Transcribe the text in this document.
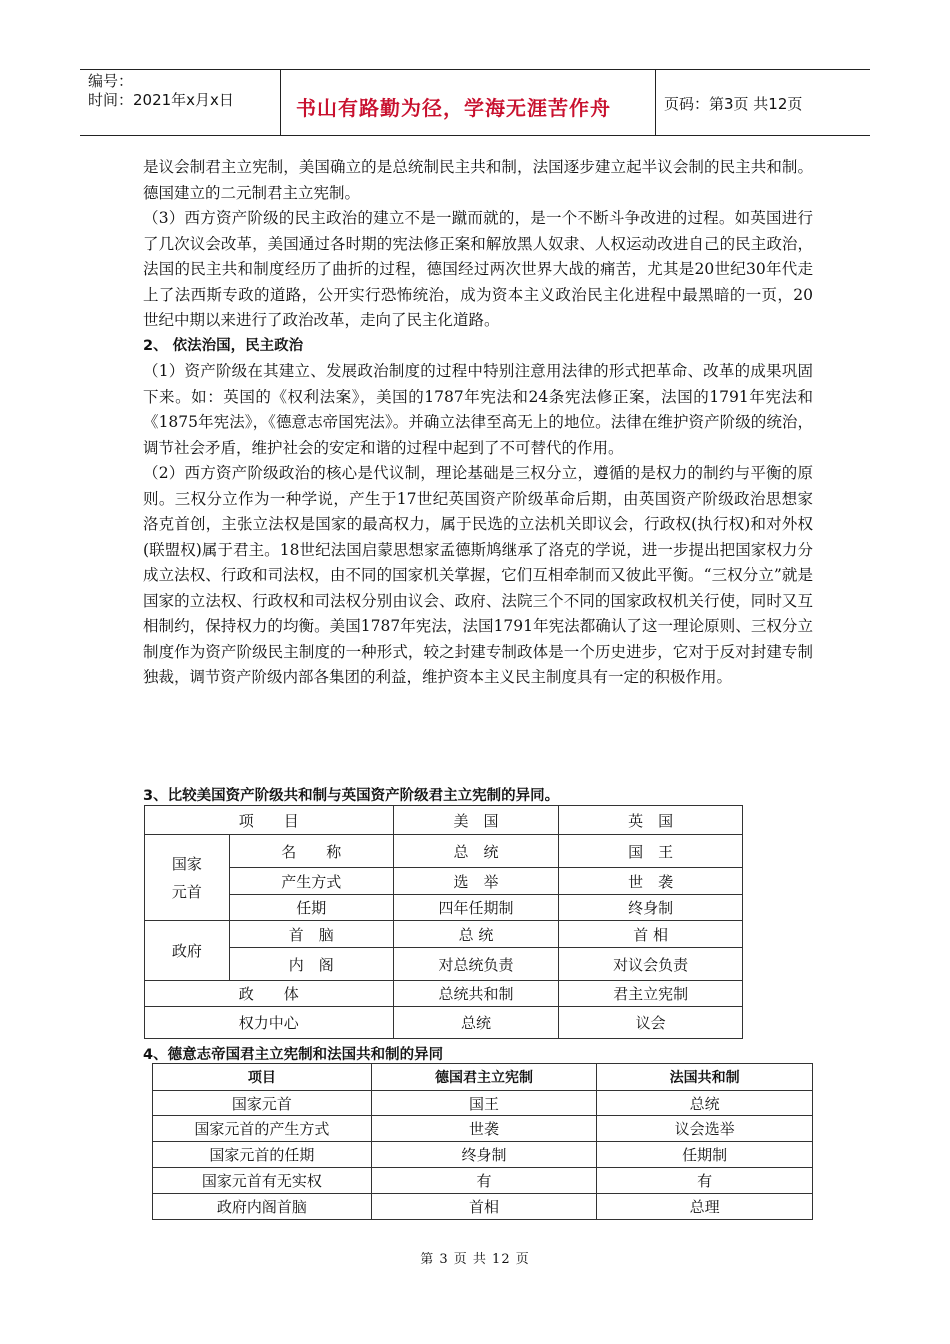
编号：
时间：2021年x月x日	书山有路勤为径，学海无涯苦作舟	页码：第3页 共12页

是议会制君主立宪制，美国确立的是总统制民主共和制，法国逐步建立起半议会制的民主共和制。德国建立的二元制君主立宪制。

（3）西方资产阶级的民主政治的建立不是一蹴而就的，是一个不断斗争改进的过程。如英国进行了几次议会改革，美国通过各时期的宪法修正案和解放黑人奴隶、人权运动改进自己的民主政治，法国的民主共和制度经历了曲折的过程，德国经过两次世界大战的痛苦，尤其是20世纪30年代走上了法西斯专政的道路，公开实行恐怖统治，成为资本主义政治民主化进程中最黑暗的一页，20世纪中期以来进行了政治改革，走向了民主化道路。

2、 依法治国，民主政治

（1）资产阶级在其建立、发展政治制度的过程中特别注意用法律的形式把革命、改革的成果巩固下来。如：英国的《权利法案》，美国的1787年宪法和24条宪法修正案，法国的1791年宪法和《1875年宪法》，《德意志帝国宪法》。并确立法律至高无上的地位。法律在维护资产阶级的统治，调节社会矛盾，维护社会的安定和谐的过程中起到了不可替代的作用。

（2）西方资产阶级政治的核心是代议制，理论基础是三权分立，遵循的是权力的制约与平衡的原则。三权分立作为一种学说，产生于17世纪英国资产阶级革命后期，由英国资产阶级政治思想家洛克首创，主张立法权是国家的最高权力，属于民选的立法机关即议会，行政权(执行权)和对外权(联盟权)属于君主。18世纪法国启蒙思想家孟德斯鸠继承了洛克的学说，进一步提出把国家权力分成立法权、行政和司法权，由不同的国家机关掌握，它们互相牵制而又彼此平衡。“三权分立”就是国家的立法权、行政权和司法权分别由议会、政府、法院三个不同的国家政权机关行使，同时又互相制约，保持权力的均衡。美国1787年宪法，法国1791年宪法都确认了这一理论原则、三权分立制度作为资产阶级民主制度的一种形式，较之封建专制政体是一个历史进步，它对于反对封建专制独裁，调节资产阶级内部各集团的利益，维护资本主义民主制度具有一定的积极作用。

3、比较美国资产阶级共和制与英国资产阶级君主立宪制的异同。
项　　目		美　国	英　国

国家元首	名　　称	总　统	国　王
	产生方式	选　举	世　袭
	任期	四年任期制	终身制
政府	首　脑	总 统	首 相
	内　阁	对总统负责	对议会负责
政　　体		总统共和制	君主立宪制
权力中心		总统	议会
4、德意志帝国君主立宪制和法国共和制的异同
项目	德国君主立宪制	法国共和制
国家元首	国王	总统
国家元首的产生方式	世袭	议会选举
国家元首的任期	终身制	任期制
国家元首有无实权	有	有
政府内阁首脑	首相	总理
第 3 页 共 12 页
